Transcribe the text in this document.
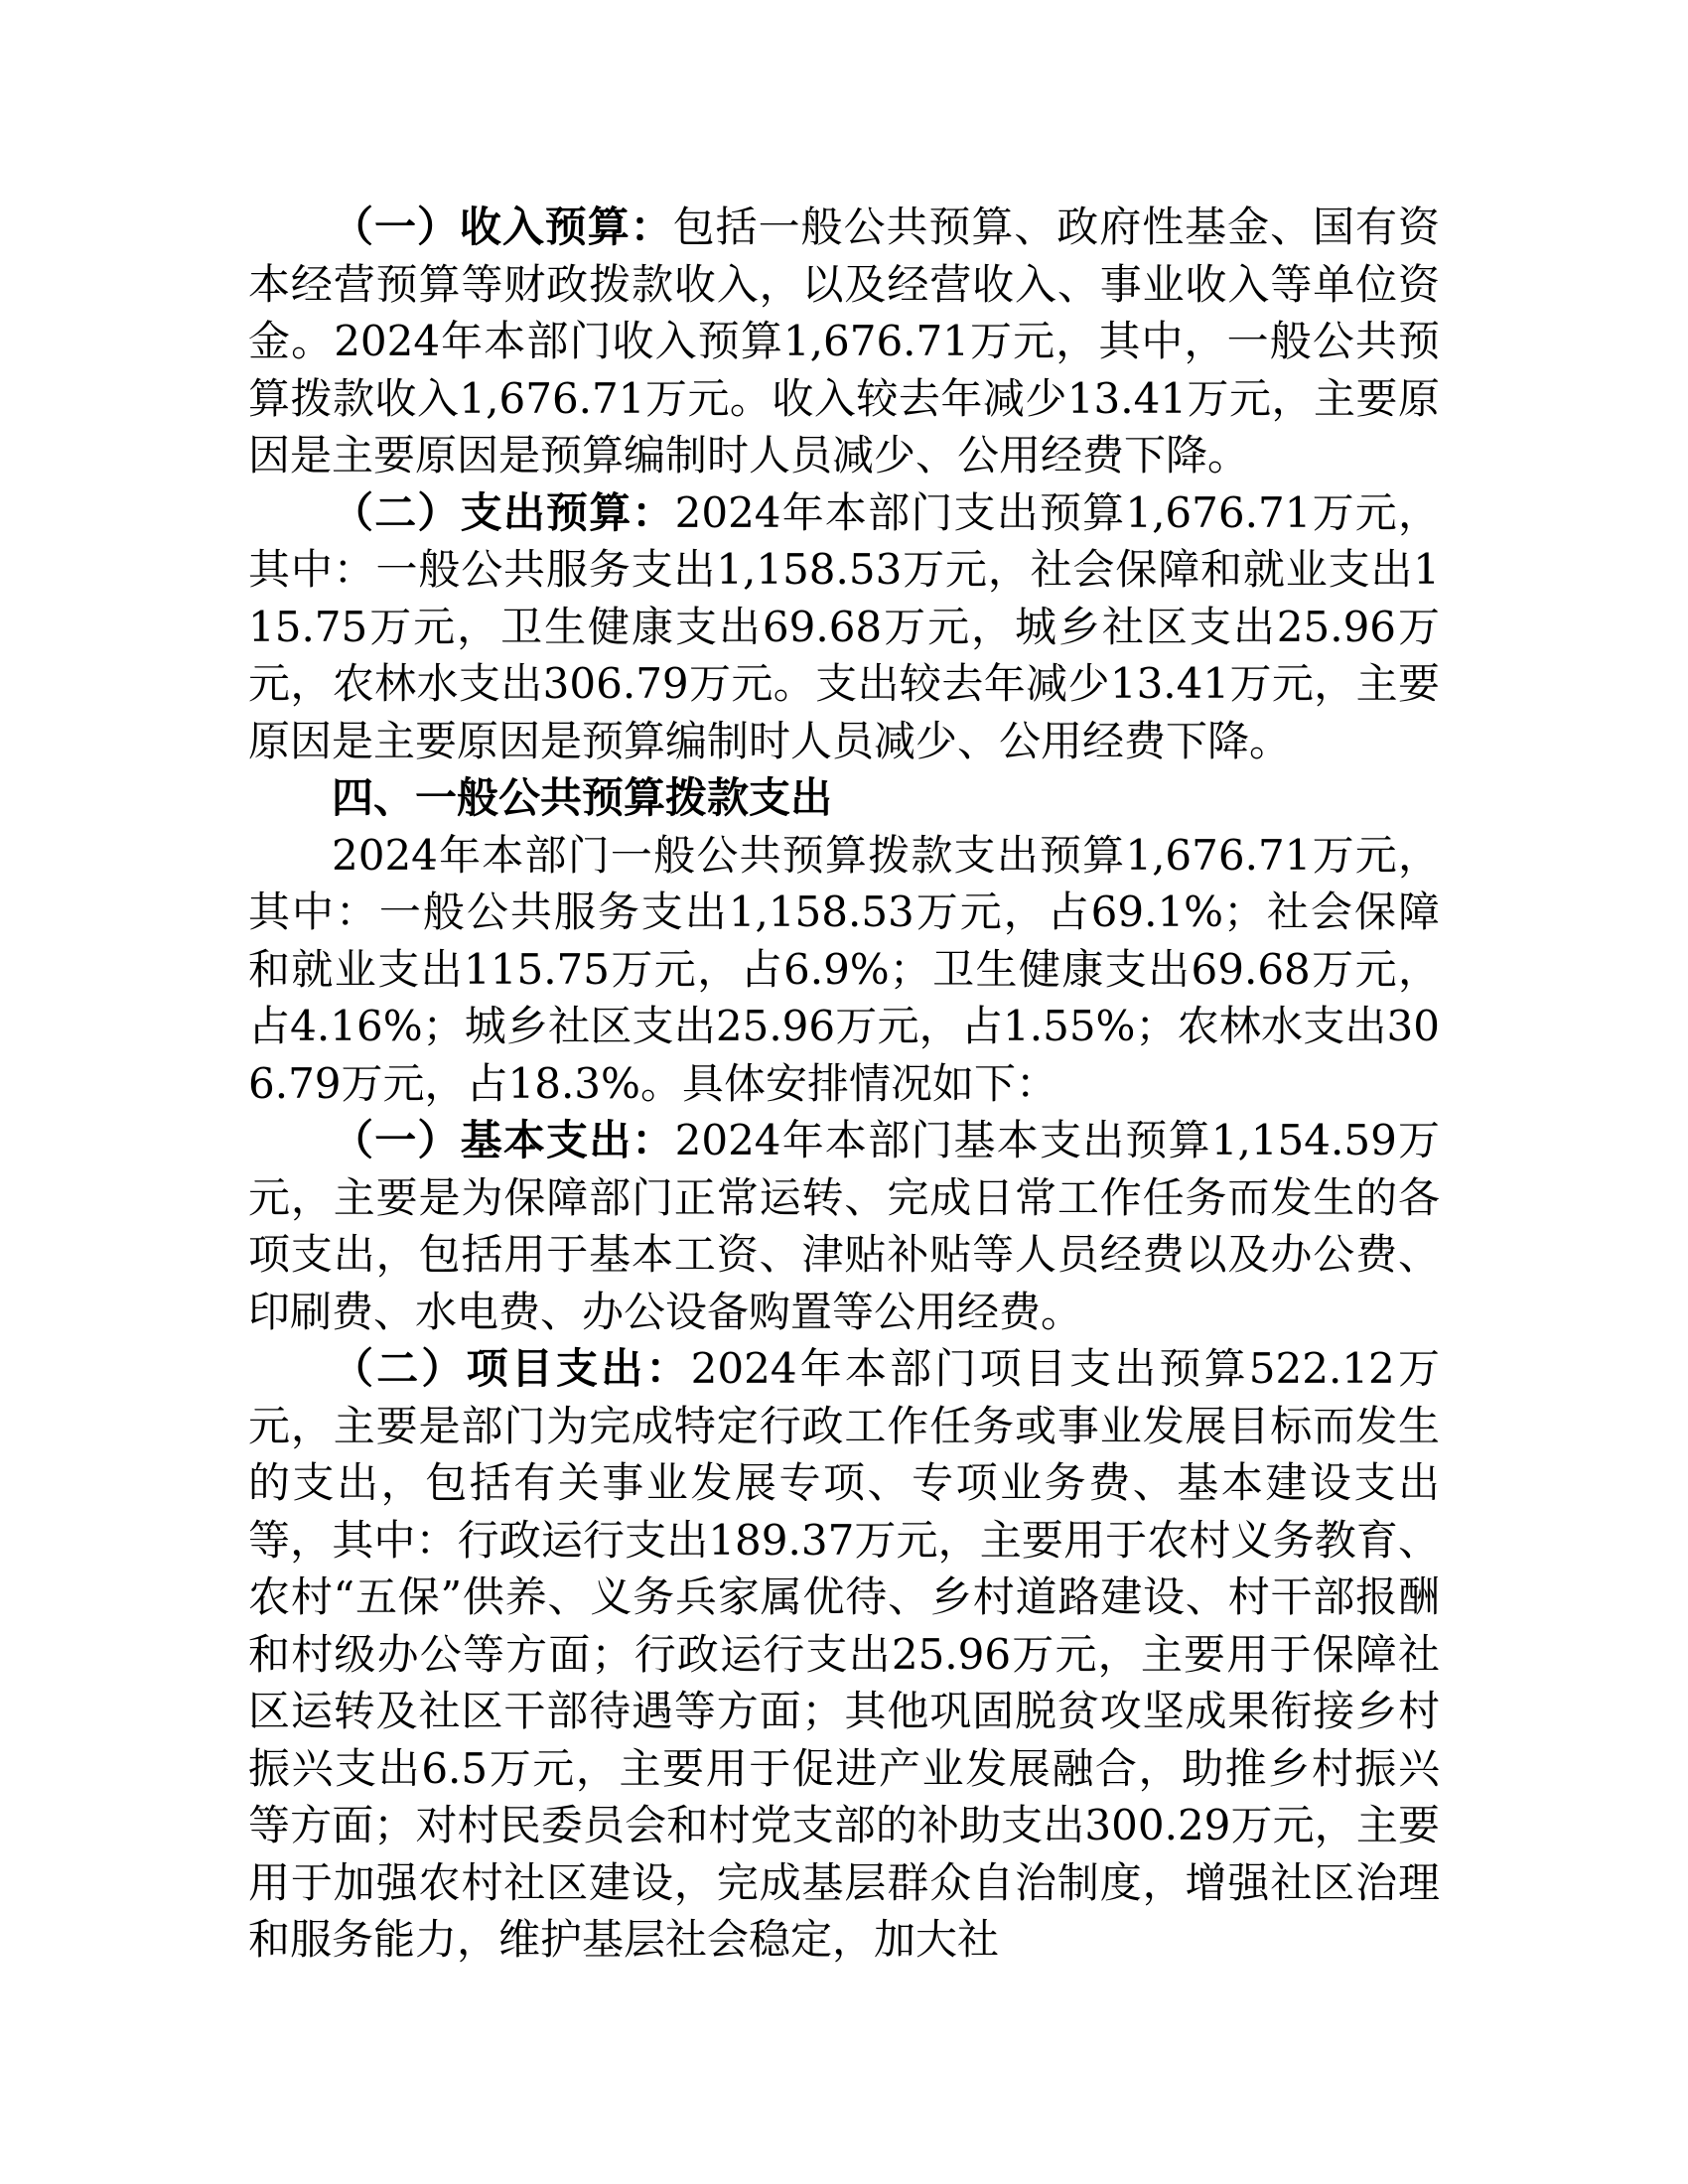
（一）收入预算：包括一般公共预算、政府性基金、国有资本经营预算等财政拨款收入，以及经营收入、事业收入等单位资金。2024年本部门收入预算1,676.71万元，其中，一般公共预算拨款收入1,676.71万元。收入较去年减少13.41万元，主要原因是主要原因是预算编制时人员减少、公用经费下降。

（二）支出预算：2024年本部门支出预算1,676.71万元，其中：一般公共服务支出1,158.53万元，社会保障和就业支出115.75万元，卫生健康支出69.68万元，城乡社区支出25.96万元，农林水支出306.79万元。支出较去年减少13.41万元，主要原因是主要原因是预算编制时人员减少、公用经费下降。

四、一般公共预算拨款支出

2024年本部门一般公共预算拨款支出预算1,676.71万元，其中：一般公共服务支出1,158.53万元，占69.1%；社会保障和就业支出115.75万元，占6.9%；卫生健康支出69.68万元，占4.16%；城乡社区支出25.96万元，占1.55%；农林水支出306.79万元，占18.3%。具体安排情况如下：

（一）基本支出：2024年本部门基本支出预算1,154.59万元，主要是为保障部门正常运转、完成日常工作任务而发生的各项支出，包括用于基本工资、津贴补贴等人员经费以及办公费、印刷费、水电费、办公设备购置等公用经费。

（二）项目支出：2024年本部门项目支出预算522.12万元，主要是部门为完成特定行政工作任务或事业发展目标而发生的支出，包括有关事业发展专项、专项业务费、基本建设支出等，其中：行政运行支出189.37万元，主要用于农村义务教育、农村“五保”供养、义务兵家属优待、乡村道路建设、村干部报酬和村级办公等方面；行政运行支出25.96万元，主要用于保障社区运转及社区干部待遇等方面；其他巩固脱贫攻坚成果衔接乡村振兴支出6.5万元，主要用于促进产业发展融合，助推乡村振兴等方面；对村民委员会和村党支部的补助支出300.29万元，主要用于加强农村社区建设，完成基层群众自治制度，增强社区治理和服务能力，维护基层社会稳定，加大社
